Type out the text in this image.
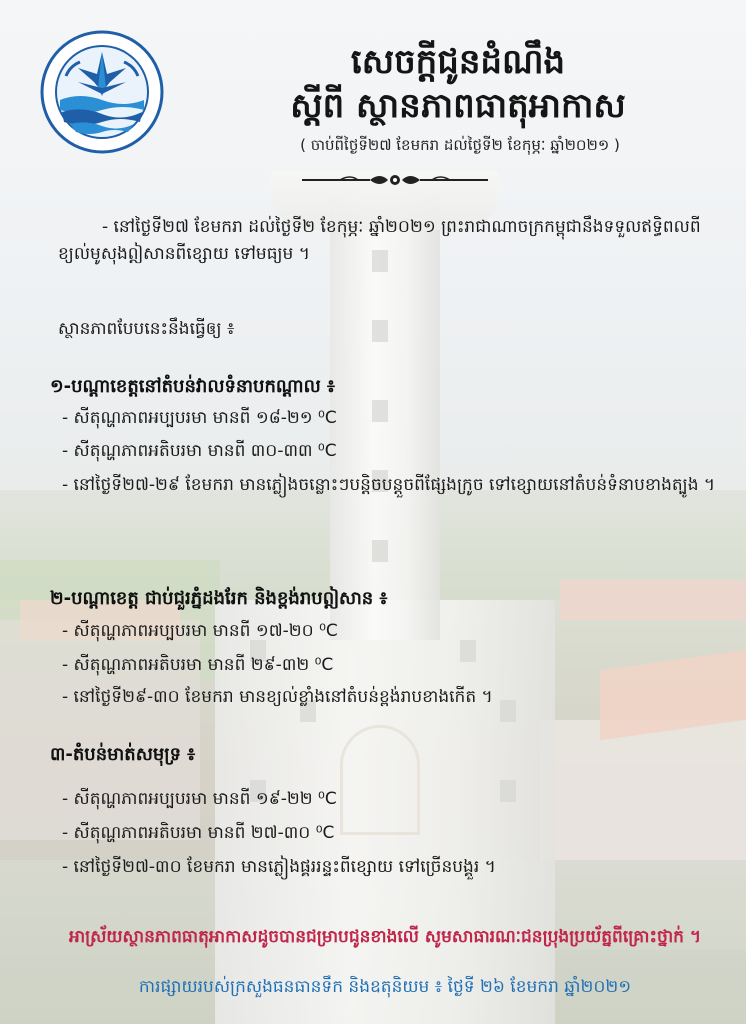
សេចក្តីជូនដំណឹង
ស្តីពី ស្ថានភាពធាតុអាកាស
( ចាប់ពីថ្ងៃទី២៧ ខែមករា ដល់ថ្ងៃទី២ ខែកុម្ភៈ ឆ្នាំ២០២១ )

- នៅថ្ងៃទី២៧ ខែមករា ដល់ថ្ងៃទី២ ខែកុម្ភៈ ឆ្នាំ២០២១ ព្រះរាជាណាចក្រកម្ពុជានឹងទទួលឥទ្ធិពលពីខ្យល់មូសុងឦសានពីខ្សោយ ទៅមធ្យម ។

ស្ថានភាពបែបនេះនឹងធ្វើឲ្យ ៖

១-បណ្តាខេត្តនៅតំបន់វាលទំនាបកណ្តាល ៖
- សីតុណ្ហភាពអប្បបរមា មានពី ១៨-២១ ⁰C
- សីតុណ្ហភាពអតិបរមា មានពី ៣០-៣៣ ⁰C
- នៅថ្ងៃទី២៧-២៩ ខែមករា មានភ្លៀងចន្លោះៗបន្តិចបន្តួចពីផ្សែងក្រូច ទៅខ្សោយនៅតំបន់ទំនាបខាងត្បូង ។
២-បណ្តាខេត្ត ជាប់ជួរភ្នំដងរែក និងខ្ពង់រាបឦសាន ៖
- សីតុណ្ហភាពអប្បបរមា មានពី ១៧-២០ ⁰C
- សីតុណ្ហភាពអតិបរមា មានពី ២៩-៣២ ⁰C
- នៅថ្ងៃទី២៩-៣០ ខែមករា មានខ្យល់ខ្លាំងនៅតំបន់ខ្ពង់រាបខាងកើត ។
៣-តំបន់មាត់សមុទ្រ ៖
- សីតុណ្ហភាពអប្បបរមា មានពី ១៩-២២ ⁰C
- សីតុណ្ហភាពអតិបរមា មានពី ២៧-៣០ ⁰C
- នៅថ្ងៃទី២៧-៣០ ខែមករា មានភ្លៀងផ្គររន្ទះពីខ្សោយ ទៅច្រើនបង្គួរ ។
អាស្រ័យស្ថានភាពធាតុអាកាសដូចបានជម្រាបជូនខាងលើ សូមសាធារណៈជនប្រុងប្រយ័ត្នពីគ្រោះថ្នាក់ ។
ការផ្សាយរបស់ក្រសួងធនធានទឹក និងឧតុនិយម ៖ ថ្ងៃទី ២៦ ខែមករា ឆ្នាំ២០២១
